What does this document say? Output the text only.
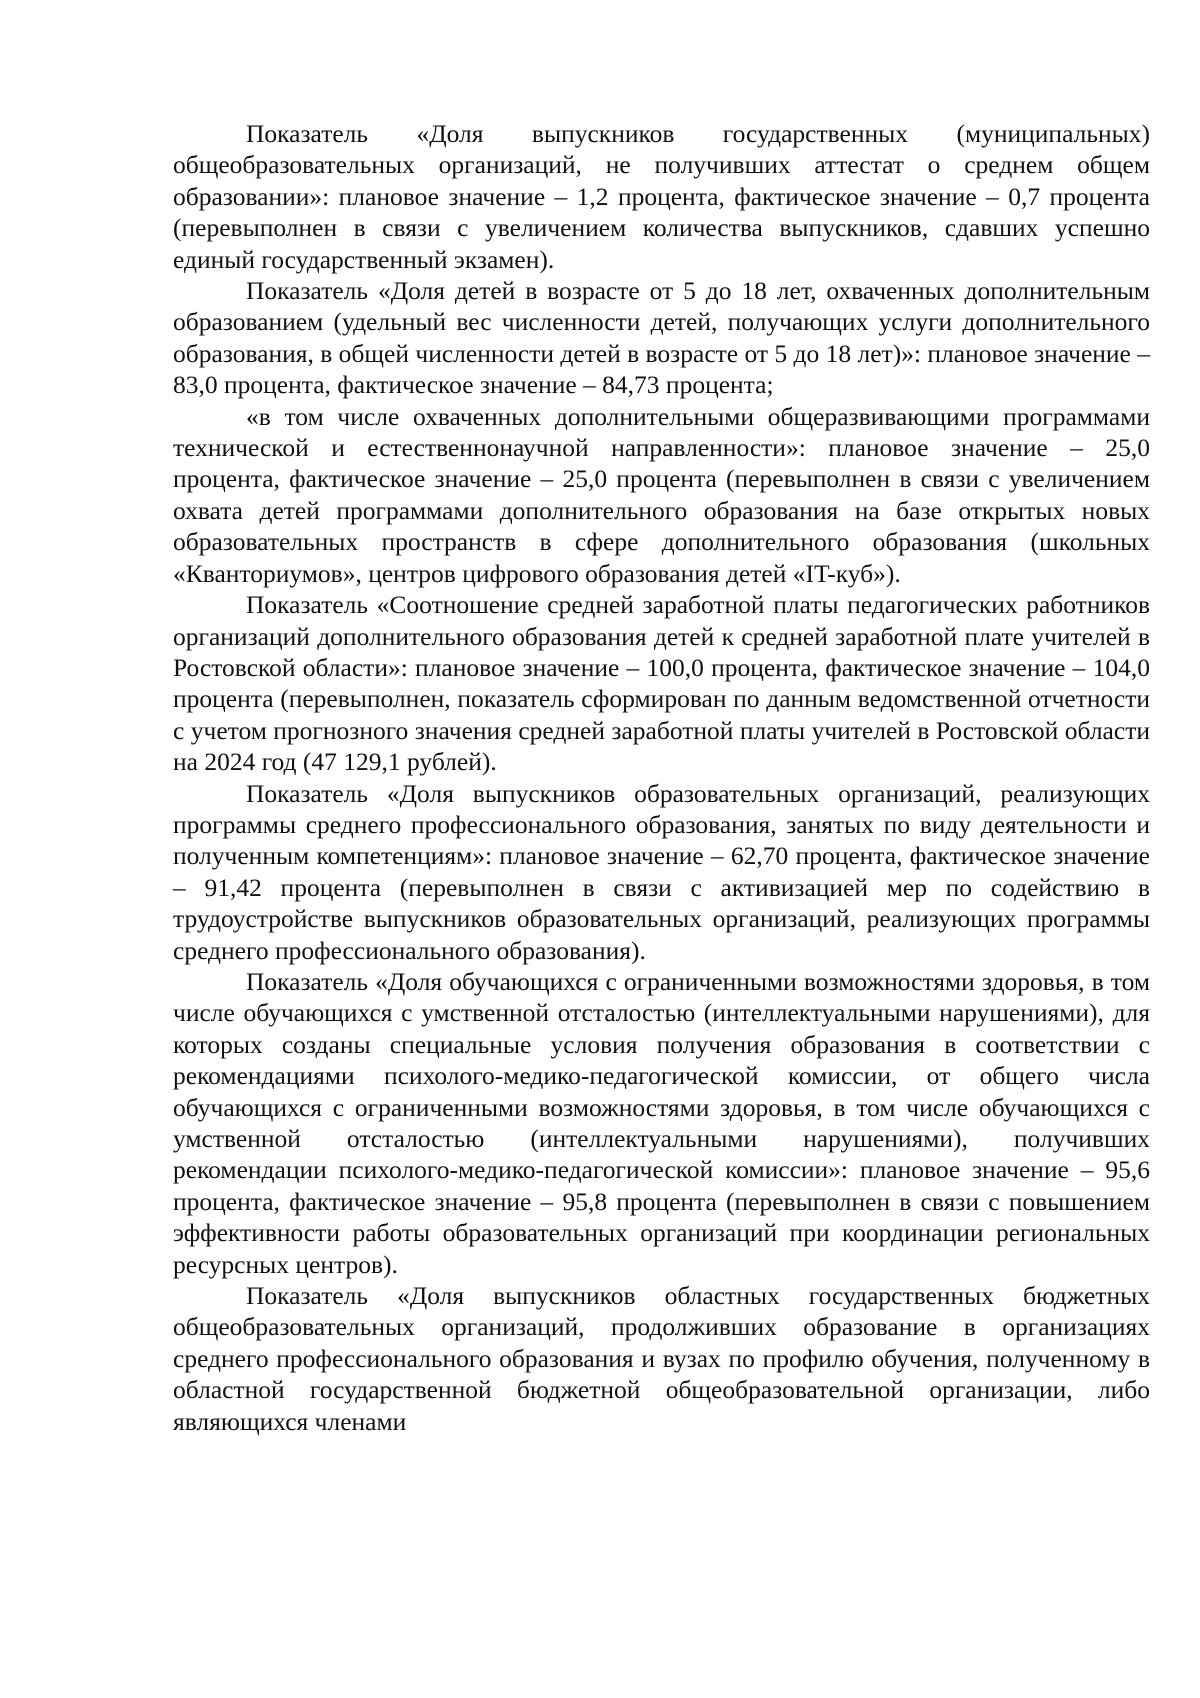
Показатель «Доля выпускников государственных (муниципальных) общеобразовательных организаций, не получивших аттестат о среднем общем образовании»: плановое значение – 1,2 процента, фактическое значение – 0,7 процента (перевыполнен в связи с увеличением количества выпускников, сдавших успешно единый государственный экзамен).

Показатель «Доля детей в возрасте от 5 до 18 лет, охваченных дополнительным образованием (удельный вес численности детей, получающих услуги дополнительного образования, в общей численности детей в возрасте от 5 до 18 лет)»: плановое значение – 83,0 процента, фактическое значение – 84,73 процента;

«в том числе охваченных дополнительными общеразвивающими программами технической и естественнонаучной направленности»: плановое значение – 25,0 процента, фактическое значение – 25,0 процента (перевыполнен в связи с увеличением охвата детей программами дополнительного образования на базе открытых новых образовательных пространств в сфере дополнительного образования (школьных «Кванториумов», центров цифрового образования детей «IT-куб»).

Показатель «Соотношение средней заработной платы педагогических работников организаций дополнительного образования детей к средней заработной плате учителей в Ростовской области»: плановое значение – 100,0 процента, фактическое значение – 104,0 процента (перевыполнен, показатель сформирован по данным ведомственной отчетности с учетом прогнозного значения средней заработной платы учителей в Ростовской области на 2024 год (47 129,1 рублей).

Показатель «Доля выпускников образовательных организаций, реализующих программы среднего профессионального образования, занятых по виду деятельности и полученным компетенциям»: плановое значение – 62,70 процента, фактическое значение – 91,42 процента (перевыполнен в связи с активизацией мер по содействию в трудоустройстве выпускников образовательных организаций, реализующих программы среднего профессионального образования).

Показатель «Доля обучающихся с ограниченными возможностями здоровья, в том числе обучающихся с умственной отсталостью (интеллектуальными нарушениями), для которых созданы специальные условия получения образования в соответствии с рекомендациями психолого-медико-педагогической комиссии, от общего числа обучающихся с ограниченными возможностями здоровья, в том числе обучающихся с умственной отсталостью (интеллектуальными нарушениями), получивших рекомендации психолого-медико-педагогической комиссии»: плановое значение – 95,6 процента, фактическое значение – 95,8 процента (перевыполнен в связи с повышением эффективности работы образовательных организаций при координации региональных ресурсных центров).

Показатель «Доля выпускников областных государственных бюджетных общеобразовательных организаций, продолживших образование в организациях среднего профессионального образования и вузах по профилю обучения, полученному в областной государственной бюджетной общеобразовательной организации, либо являющихся членами
